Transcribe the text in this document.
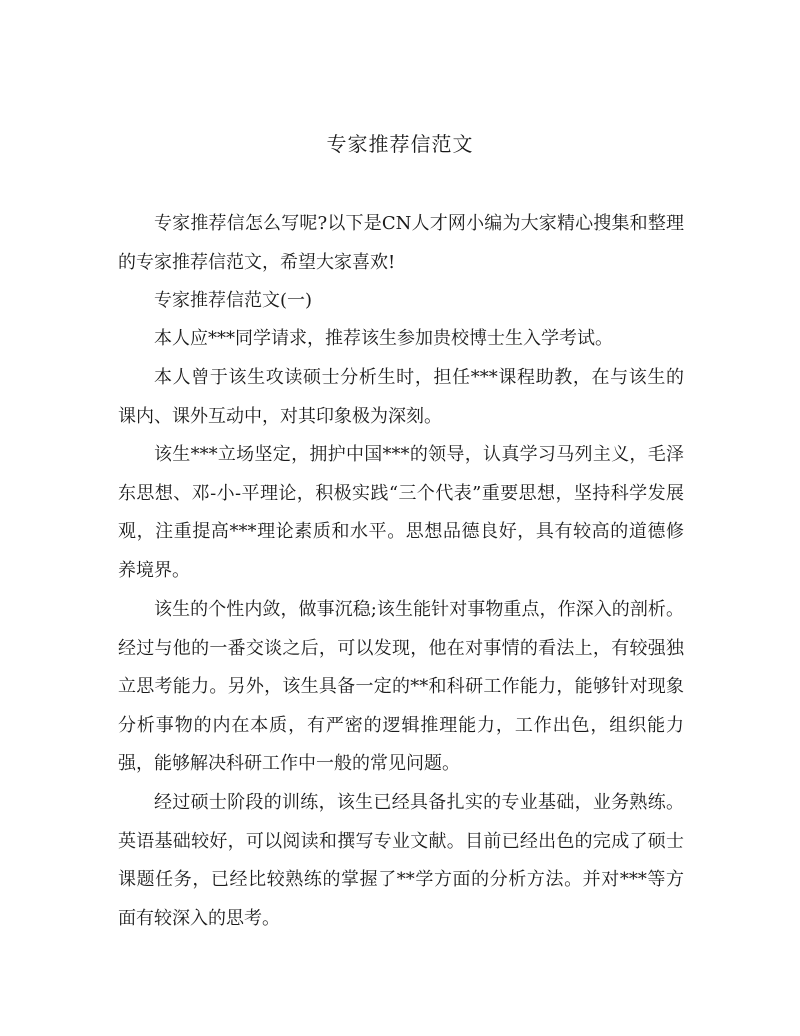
专家推荐信范文

专家推荐信怎么写呢?以下是CN人才网小编为大家精心搜集和整理的专家推荐信范文，希望大家喜欢!

专家推荐信范文(一)

本人应***同学请求，推荐该生参加贵校博士生入学考试。

本人曾于该生攻读硕士分析生时，担任***课程助教，在与该生的课内、课外互动中，对其印象极为深刻。

该生***立场坚定，拥护中国***的领导，认真学习马列主义，毛泽东思想、邓-小-平理论，积极实践“三个代表”重要思想，坚持科学发展观，注重提高***理论素质和水平。思想品德良好，具有较高的道德修养境界。

该生的个性内敛，做事沉稳;该生能针对事物重点，作深入的剖析。经过与他的一番交谈之后，可以发现，他在对事情的看法上，有较强独立思考能力。另外，该生具备一定的**和科研工作能力，能够针对现象分析事物的内在本质，有严密的逻辑推理能力，工作出色，组织能力强，能够解决科研工作中一般的常见问题。

经过硕士阶段的训练，该生已经具备扎实的专业基础，业务熟练。英语基础较好，可以阅读和撰写专业文献。目前已经出色的完成了硕士课题任务，已经比较熟练的掌握了**学方面的分析方法。并对***等方面有较深入的思考。
